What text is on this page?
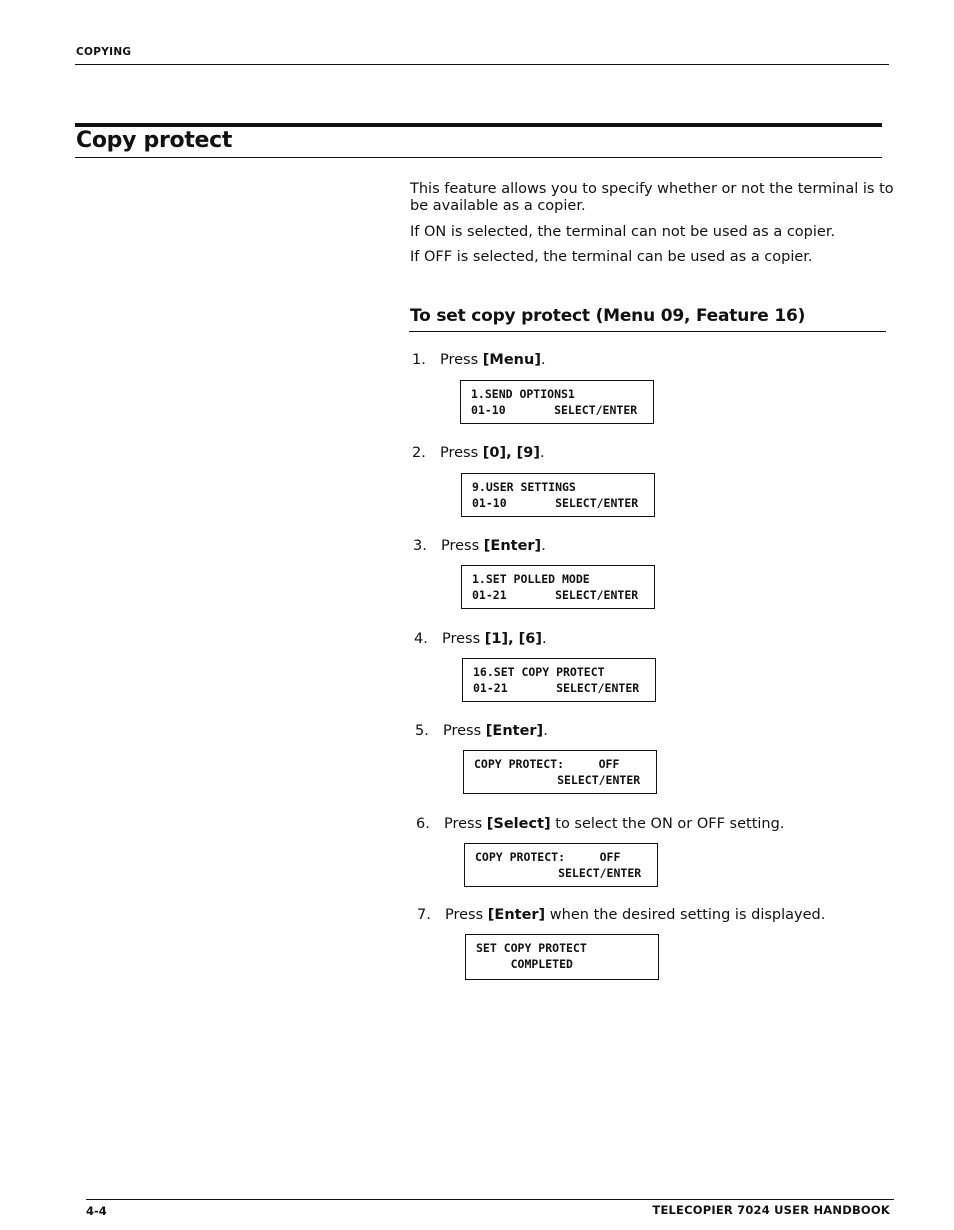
COPYING
Copy protect
This feature allows you to specify whether or not the terminal is to be available as a copier.
If ON is selected, the terminal can not be used as a copier.
If OFF is selected, the terminal can be used as a copier.
To set copy protect (Menu 09, Feature 16)
1. Press [Menu].
1.SEND OPTIONS1
01-10       SELECT/ENTER
2. Press [0], [9].
9.USER SETTINGS
01-10       SELECT/ENTER
3. Press [Enter].
1.SET POLLED MODE
01-21       SELECT/ENTER
4. Press [1], [6].
16.SET COPY PROTECT
01-21       SELECT/ENTER
5. Press [Enter].
COPY PROTECT:     OFF
SELECT/ENTER
6. Press [Select] to select the ON or OFF setting.
COPY PROTECT:     OFF
SELECT/ENTER
7. Press [Enter] when the desired setting is displayed.
SET COPY PROTECT
COMPLETED
4-4	TELECOPIER 7024 USER HANDBOOK
